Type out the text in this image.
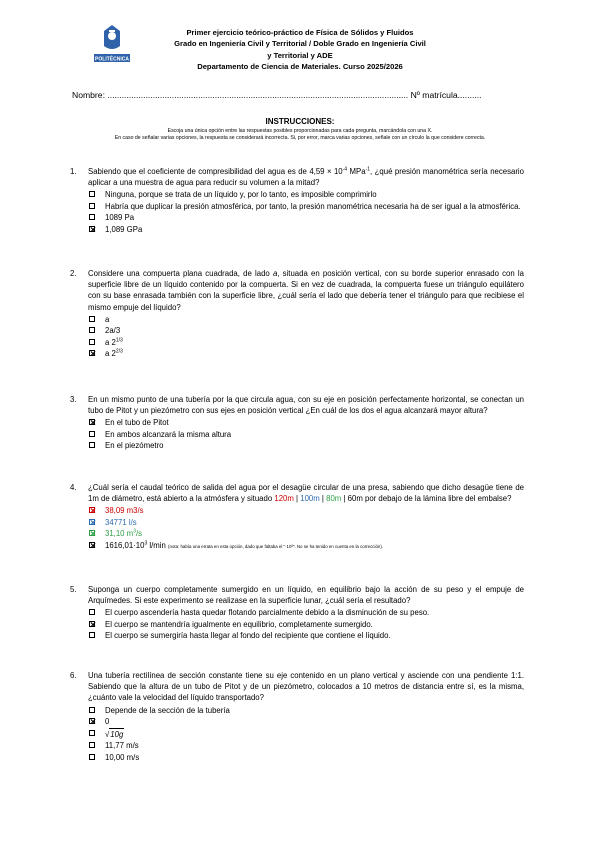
POLITÉCNICA
Primer ejercicio teórico-práctico de Física de Sólidos y Fluidos
Grado en Ingeniería Civil y Territorial / Doble Grado en Ingeniería Civil
y Territorial y ADE
Departamento de Ciencia de Materiales. Curso 2025/2026
Nombre: .............................................................................................................................. Nº matrícula..........
INSTRUCCIONES:
Escoja una única opción entre las respuestas posibles proporcionadas para cada pregunta, marcándola con una X.
En caso de señalar varias opciones, la respuesta se considerará incorrecta. Si, por error, marca varias opciones, señale con un círculo la que considere correcta.
1. Sabiendo que el coeficiente de compresibilidad del agua es de $4,59 \times 10^{-4}$ MPa$^{-1}$, ¿qué presión manométrica sería necesario aplicar a una muestra de agua para reducir su volumen a la mitad?
Ninguna, porque se trata de un líquido y, por lo tanto, es imposible comprimirlo
Habría que duplicar la presión atmosférica, por tanto, la presión manométrica necesaria ha de ser igual a la atmosférica.
1089 Pa
1,089 GPa
2. Considere una compuerta plana cuadrada, de lado a, situada en posición vertical, con su borde superior enrasado con la superficie libre de un líquido contenido por la compuerta. Si en vez de cuadrada, la compuerta fuese un triángulo equilátero con su base enrasada también con la superficie libre, ¿cuál sería el lado que debería tener el triángulo para que recibiese el mismo empuje del líquido?
a
2a/3
a $2^{1/3}$
a $2^{2/3}$
3. En un mismo punto de una tubería por la que circula agua, con su eje en posición perfectamente horizontal, se conectan un tubo de Pitot y un piezómetro con sus ejes en posición vertical ¿En cuál de los dos el agua alcanzará mayor altura?
En el tubo de Pitot
En ambos alcanzará la misma altura
En el piezómetro
4. ¿Cuál sería el caudal teórico de salida del agua por el desagüe circular de una presa, sabiendo que dicho desagüe tiene de 1m de diámetro, está abierto a la atmósfera y situado 120m | 100m | 80m | 60m por debajo de la lámina libre del embalse?
38,09 m3/s
34771 l/s
31,10 $m^3/s$
$1616,01\cdot 10^3$ l/min (nota: había una errata en esta opción, dado que faltaba el "·10³". No se ha tenido en cuenta en la corrección).
5. Suponga un cuerpo completamente sumergido en un líquido, en equilibrio bajo la acción de su peso y el empuje de Arquímedes. Si este experimento se realizase en la superficie lunar, ¿cuál sería el resultado?
El cuerpo ascendería hasta quedar flotando parcialmente debido a la disminución de su peso.
El cuerpo se mantendría igualmente en equilibrio, completamente sumergido.
El cuerpo se sumergiría hasta llegar al fondo del recipiente que contiene el líquido.
6. Una tubería rectilínea de sección constante tiene su eje contenido en un plano vertical y asciende con una pendiente 1:1. Sabiendo que la altura de un tubo de Pitot y de un piezómetro, colocados a 10 metros de distancia entre sí, es la misma, ¿cuánto vale la velocidad del líquido transportado?
Depende de la sección de la tubería
0
√10g
11,77 m/s
10,00 m/s
